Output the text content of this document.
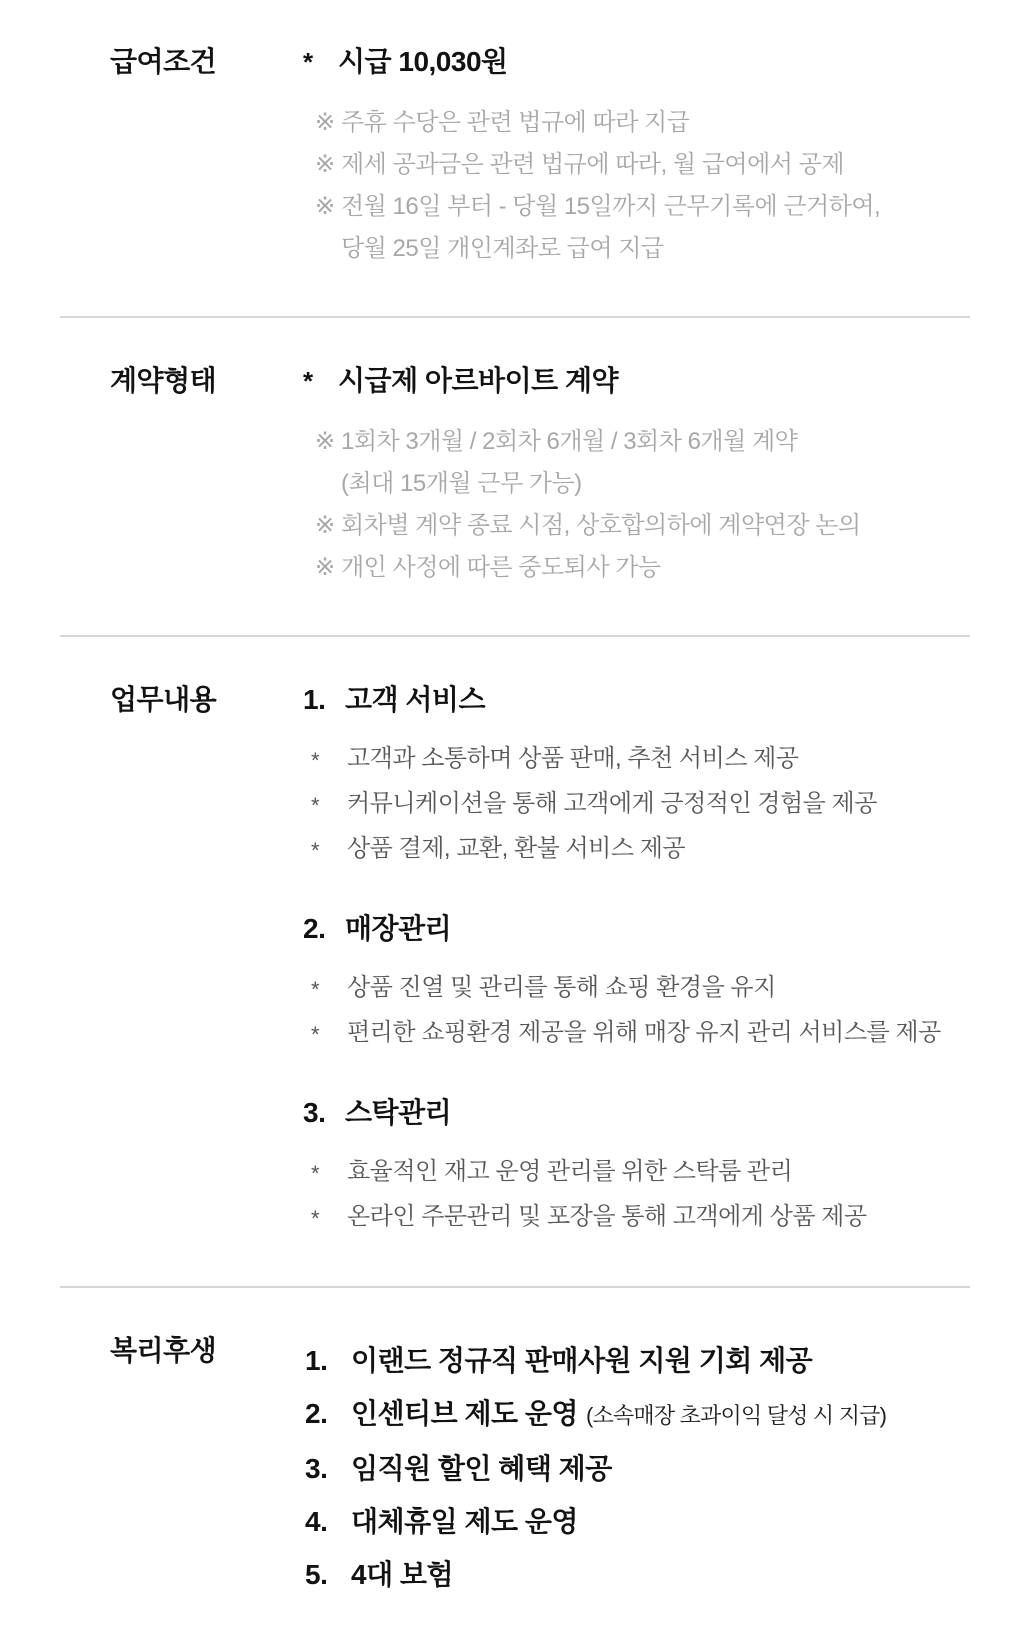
급여조건	* 시급 10,030원
※ 주휴 수당은 관련 법규에 따라 지급
※ 제세 공과금은 관련 법규에 따라, 월 급여에서 공제
※ 전월 16일 부터 - 당월 15일까지 근무기록에 근거하여,
당월 25일 개인계좌로 급여 지급
계약형태	* 시급제 아르바이트 계약
※ 1회차 3개월 / 2회차 6개월 / 3회차 6개월 계약
(최대 15개월 근무 가능)
※ 회차별 계약 종료 시점, 상호합의하에 계약연장 논의
※ 개인 사정에 따른 중도퇴사 가능
업무내용	1. 고객 서비스
*	고객과 소통하며 상품 판매, 추천 서비스 제공
*	커뮤니케이션을 통해 고객에게 긍정적인 경험을 제공
*	상품 결제, 교환, 환불 서비스 제공
2. 매장관리
*	상품 진열 및 관리를 통해 쇼핑 환경을 유지
*	편리한 쇼핑환경 제공을 위해 매장 유지 관리 서비스를 제공
3. 스탁관리
*	효율적인 재고 운영 관리를 위한 스탁룸 관리
*	온라인 주문관리 및 포장을 통해 고객에게 상품 제공
복리후생	1. 이랜드 정규직 판매사원 지원 기회 제공
2. 인센티브 제도 운영 (소속매장 초과이익 달성 시 지급)
3. 임직원 할인 혜택 제공
4. 대체휴일 제도 운영
5. 4대 보험
